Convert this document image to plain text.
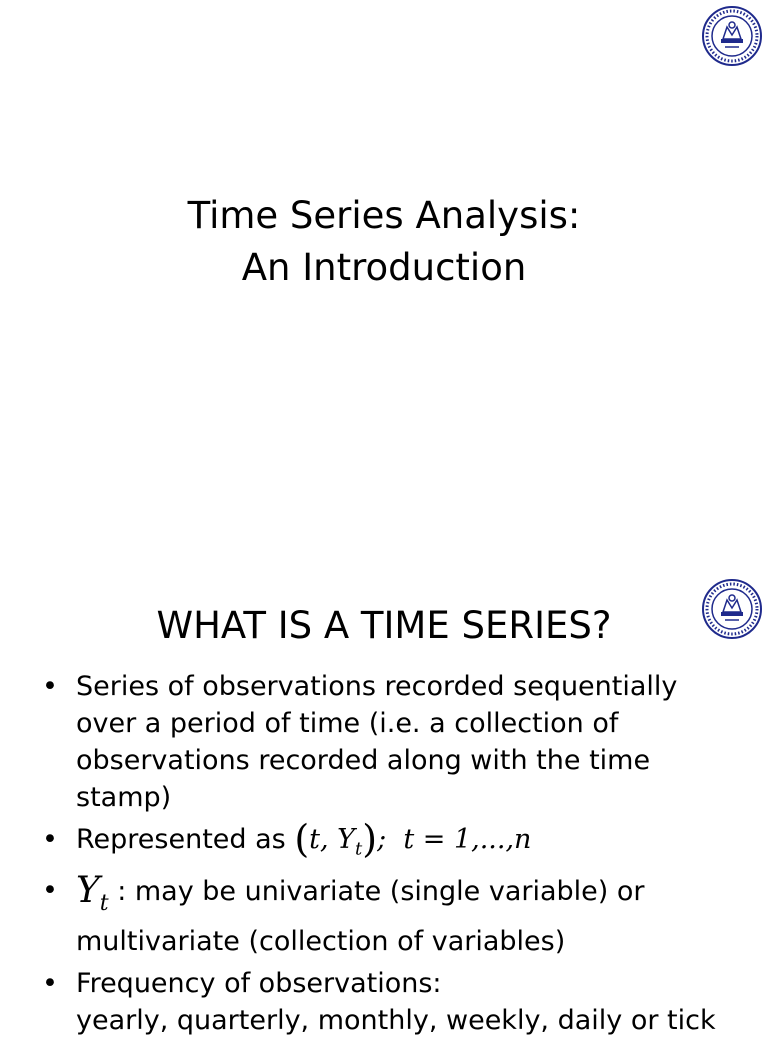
Time Series Analysis:
An Introduction
WHAT IS A TIME SERIES?
• Series of observations recorded sequentially over a period of time (i.e. a collection of observations recorded along with the time stamp)
• Represented as (t, $Y_t$);  t = 1,...,n
• $Y_t$ : may be univariate (single variable) or multivariate (collection of variables)
• Frequency of observations:
yearly, quarterly, monthly, weekly, daily or tick
